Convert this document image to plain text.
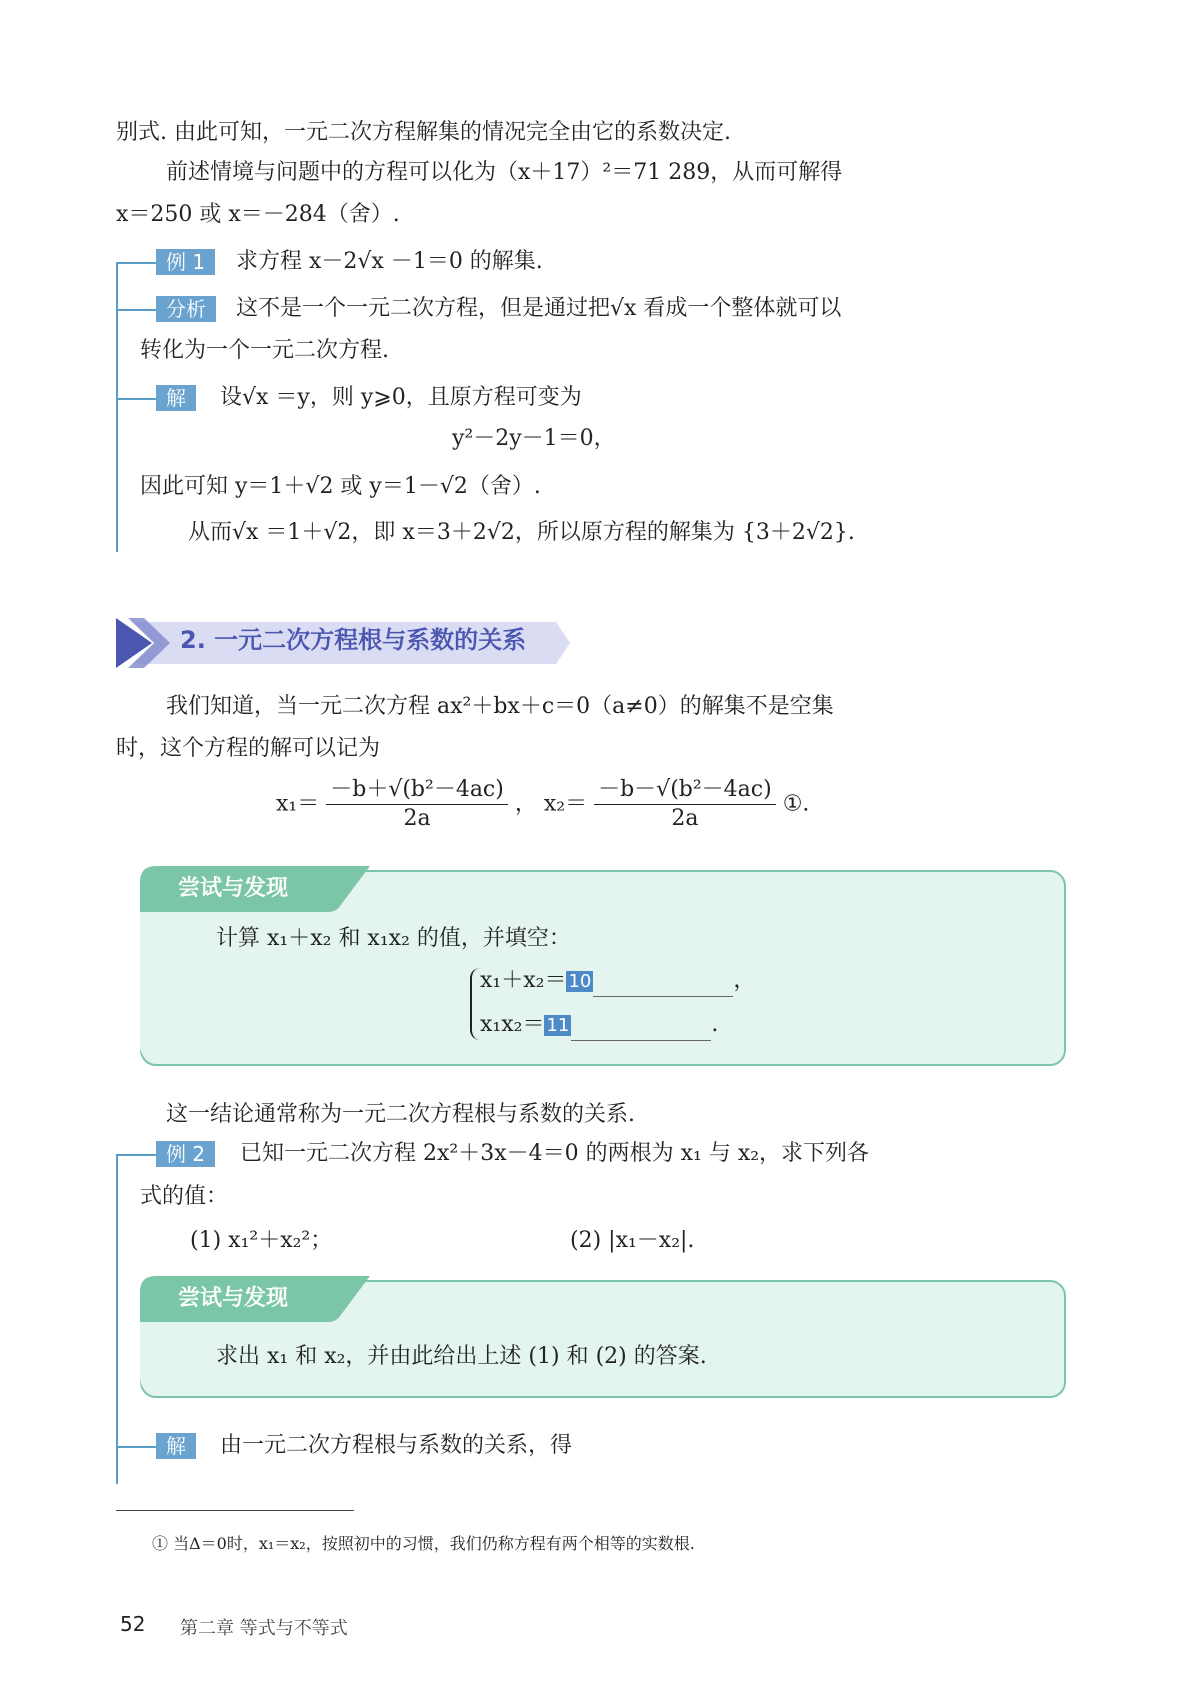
别式. 由此可知，一元二次方程解集的情况完全由它的系数决定.
前述情境与问题中的方程可以化为（x＋17）²＝71 289，从而可解得
x＝250 或 x＝－284（舍）.
例 1	求方程 x－2√x －1＝0 的解集.
分析	这不是一个一元二次方程，但是通过把√x 看成一个整体就可以
转化为一个一元二次方程.
解	设√x ＝y，则 y⩾0，且原方程可变为
y²－2y－1＝0，
因此可知 y＝1＋√2 或 y＝1－√2（舍）.
从而√x ＝1＋√2，即 x＝3＋2√2，所以原方程的解集为 {3＋2√2}.
2. 一元二次方程根与系数的关系
我们知道，当一元二次方程 ax²＋bx＋c＝0（a≠0）的解集不是空集
时，这个方程的解可以记为
$x_1= \frac{\text{－b＋√(b²－4ac)}}{2a}$ ， $x_2= \frac{\text{－b－√(b²－4ac)}}{2a}$ ①.
尝试与发现
计算 x₁＋x₂ 和 x₁x₂ 的值，并填空：
x₁＋x₂＝ 10	，
x₁x₂＝ 11	.
这一结论通常称为一元二次方程根与系数的关系.
例 2	已知一元二次方程 2x²＋3x－4＝0 的两根为 x₁ 与 x₂，求下列各
式的值：
(1) x₁²＋x₂²；	(2) |x₁－x₂|.
尝试与发现
求出 x₁ 和 x₂，并由此给出上述 (1) 和 (2) 的答案.
解	由一元二次方程根与系数的关系，得
① 当Δ＝0时，x₁＝x₂，按照初中的习惯，我们仍称方程有两个相等的实数根.
52 第二章 等式与不等式
